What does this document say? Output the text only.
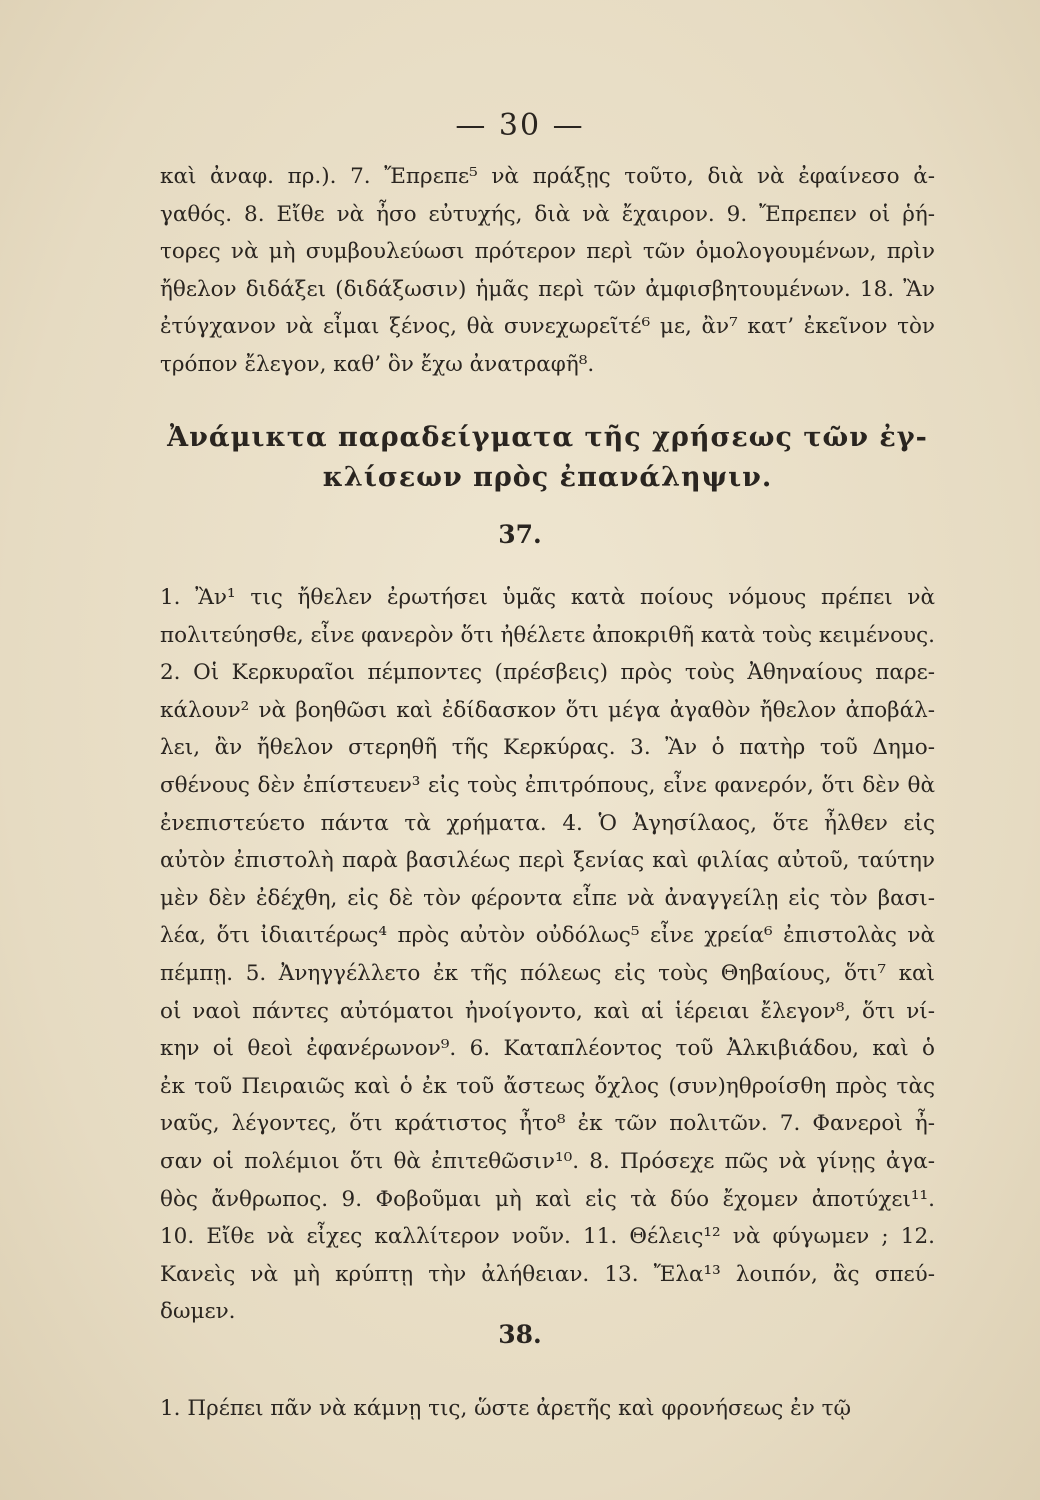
— 30 —
καὶ ἀναφ. πρ.). 7. Ἔπρεπε⁵ νὰ πράξῃς τοῦτο, διὰ νὰ ἐφαίνεσο ἀ-
γαθός. 8. Εἴθε νὰ ἦσο εὐτυχής, διὰ νὰ ἔχαιρον. 9. Ἔπρεπεν οἱ ῥή-
τορες νὰ μὴ συμβουλεύωσι πρότερον περὶ τῶν ὁμολογουμένων, πρὶν
ἤθελον διδάξει (διδάξωσιν) ἡμᾶς περὶ τῶν ἀμφισβητουμένων. 18. Ἂν
ἐτύγχανον νὰ εἶμαι ξένος, θὰ συνεχωρεῖτέ⁶ με, ἂν⁷ κατ’ ἐκεῖνον τὸν
τρόπον ἔλεγον, καθ’ ὃν ἔχω ἀνατραφῆ⁸.
Ἀνάμικτα παραδείγματα τῆς χρήσεως τῶν ἐγ-
κλίσεων πρὸς ἐπανάληψιν.
37.
1. Ἂν¹ τις ἤθελεν ἐρωτήσει ὑμᾶς κατὰ ποίους νόμους πρέπει νὰ
πολιτεύησθε, εἶνε φανερὸν ὅτι ἠθέλετε ἀποκριθῆ κατὰ τοὺς κειμένους.
2. Οἱ Κερκυραῖοι πέμποντες (πρέσβεις) πρὸς τοὺς Ἀθηναίους παρε-
κάλουν² νὰ βοηθῶσι καὶ ἐδίδασκον ὅτι μέγα ἀγαθὸν ἤθελον ἀποβάλ-
λει, ἂν ἤθελον στερηθῆ τῆς Κερκύρας. 3. Ἂν ὁ πατὴρ τοῦ Δημο-
σθένους δὲν ἐπίστευεν³ εἰς τοὺς ἐπιτρόπους, εἶνε φανερόν, ὅτι δὲν θὰ
ἐνεπιστεύετο πάντα τὰ χρήματα. 4. Ὁ Ἀγησίλαος, ὅτε ἦλθεν εἰς
αὐτὸν ἐπιστολὴ παρὰ βασιλέως περὶ ξενίας καὶ φιλίας αὐτοῦ, ταύτην
μὲν δὲν ἐδέχθη, εἰς δὲ τὸν φέροντα εἶπε νὰ ἀναγγείλῃ εἰς τὸν βασι-
λέα, ὅτι ἰδιαιτέρως⁴ πρὸς αὐτὸν οὐδόλως⁵ εἶνε χρεία⁶ ἐπιστολὰς νὰ
πέμπῃ. 5. Ἀνηγγέλλετο ἐκ τῆς πόλεως εἰς τοὺς Θηβαίους, ὅτι⁷ καὶ
οἱ ναοὶ πάντες αὐτόματοι ἠνοίγοντο, καὶ αἱ ἱέρειαι ἔλεγον⁸, ὅτι νί-
κην οἱ θεοὶ ἐφανέρωνον⁹. 6. Καταπλέοντος τοῦ Ἀλκιβιάδου, καὶ ὁ
ἐκ τοῦ Πειραιῶς καὶ ὁ ἐκ τοῦ ἄστεως ὄχλος (συν)ηθροίσθη πρὸς τὰς
ναῦς, λέγοντες, ὅτι κράτιστος ἦτο⁸ ἐκ τῶν πολιτῶν. 7. Φανεροὶ ἦ-
σαν οἱ πολέμιοι ὅτι θὰ ἐπιτεθῶσιν¹⁰. 8. Πρόσεχε πῶς νὰ γίνῃς ἀγα-
θὸς ἄνθρωπος. 9. Φοβοῦμαι μὴ καὶ εἰς τὰ δύο ἔχομεν ἀποτύχει¹¹.
10. Εἴθε νὰ εἶχες καλλίτερον νοῦν. 11. Θέλεις¹² νὰ φύγωμεν ; 12.
Κανεὶς νὰ μὴ κρύπτῃ τὴν ἀλήθειαν. 13. Ἔλα¹³ λοιπόν, ἂς σπεύ-
δωμεν.
38.
1. Πρέπει πᾶν νὰ κάμνῃ τις, ὥστε ἀρετῆς καὶ φρονήσεως ἐν τῷ
